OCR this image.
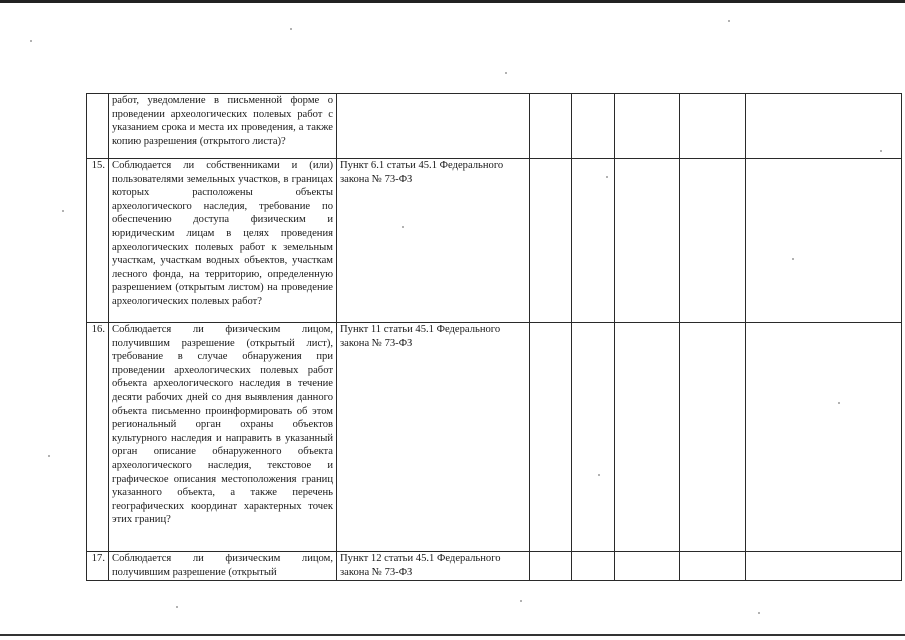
	работ, уведомление в письменной форме о проведении археологических полевых работ с указанием срока и места их проведения, а также копию разрешения (открытого листа)?						
15.	Соблюдается ли собственниками и (или) пользователями земельных участков, в границах которых расположены объекты археологического наследия, требование по обеспечению доступа физическим и юридическим лицам в целях проведения археологических полевых работ к земельным участкам, участкам водных объектов, участкам лесного фонда, на территорию, определенную разрешением (открытым листом) на проведение археологических полевых работ?	Пункт 6.1 статьи 45.1 Федерального закона № 73-ФЗ					
16.	Соблюдается ли физическим лицом, получившим разрешение (открытый лист), требование в случае обнаружения при проведении археологических полевых работ объекта археологического наследия в течение десяти рабочих дней со дня выявления данного объекта письменно проинформировать об этом региональный орган охраны объектов культурного наследия и направить в указанный орган описание обнаруженного объекта археологического наследия, текстовое и графическое описания местоположения границ указанного объекта, а также перечень географических координат характерных точек этих границ?	Пункт 11 статьи 45.1 Федерального закона № 73-ФЗ					
17.	Соблюдается ли физическим лицом, получившим разрешение (открытый	Пункт 12 статьи 45.1 Федерального закона № 73-ФЗ					
